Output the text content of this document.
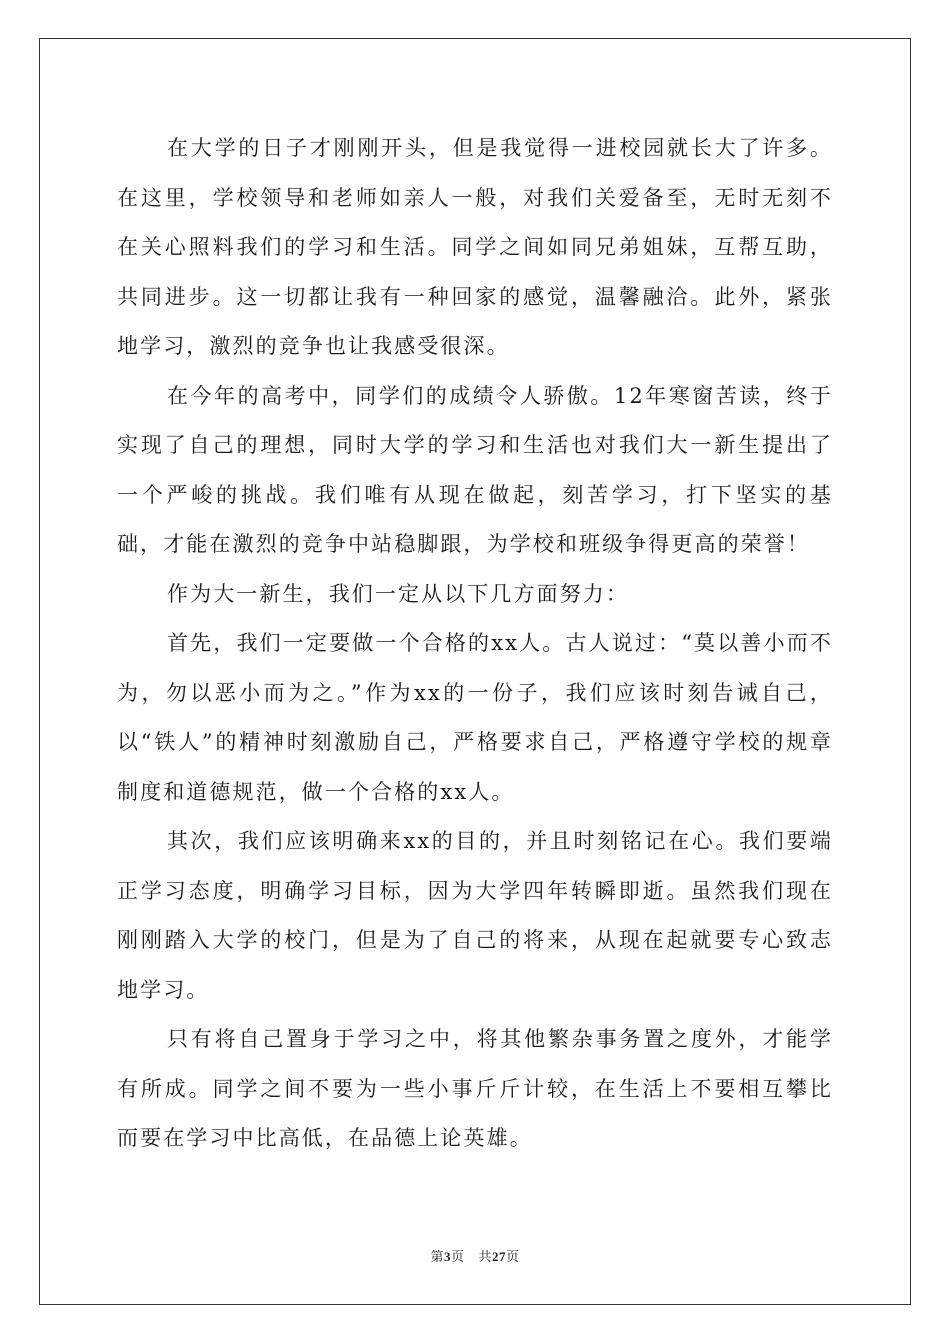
在大学的日子才刚刚开头，但是我觉得一进校园就长大了许多。在这里，学校领导和老师如亲人一般，对我们关爱备至，无时无刻不在关心照料我们的学习和生活。同学之间如同兄弟姐妹，互帮互助，共同进步。这一切都让我有一种回家的感觉，温馨融洽。此外，紧张地学习，激烈的竞争也让我感受很深。

在今年的高考中，同学们的成绩令人骄傲。12年寒窗苦读，终于实现了自己的理想，同时大学的学习和生活也对我们大一新生提出了一个严峻的挑战。我们唯有从现在做起，刻苦学习，打下坚实的基础，才能在激烈的竞争中站稳脚跟，为学校和班级争得更高的荣誉！

作为大一新生，我们一定从以下几方面努力：

首先，我们一定要做一个合格的xx人。古人说过：“莫以善小而不为，勿以恶小而为之。”作为xx的一份子，我们应该时刻告诫自己，以“铁人”的精神时刻激励自己，严格要求自己，严格遵守学校的规章制度和道德规范，做一个合格的xx人。

其次，我们应该明确来xx的目的，并且时刻铭记在心。我们要端正学习态度，明确学习目标，因为大学四年转瞬即逝。虽然我们现在刚刚踏入大学的校门，但是为了自己的将来，从现在起就要专心致志地学习。

只有将自己置身于学习之中，将其他繁杂事务置之度外，才能学有所成。同学之间不要为一些小事斤斤计较，在生活上不要相互攀比而要在学习中比高低，在品德上论英雄。

第3页 共27页
